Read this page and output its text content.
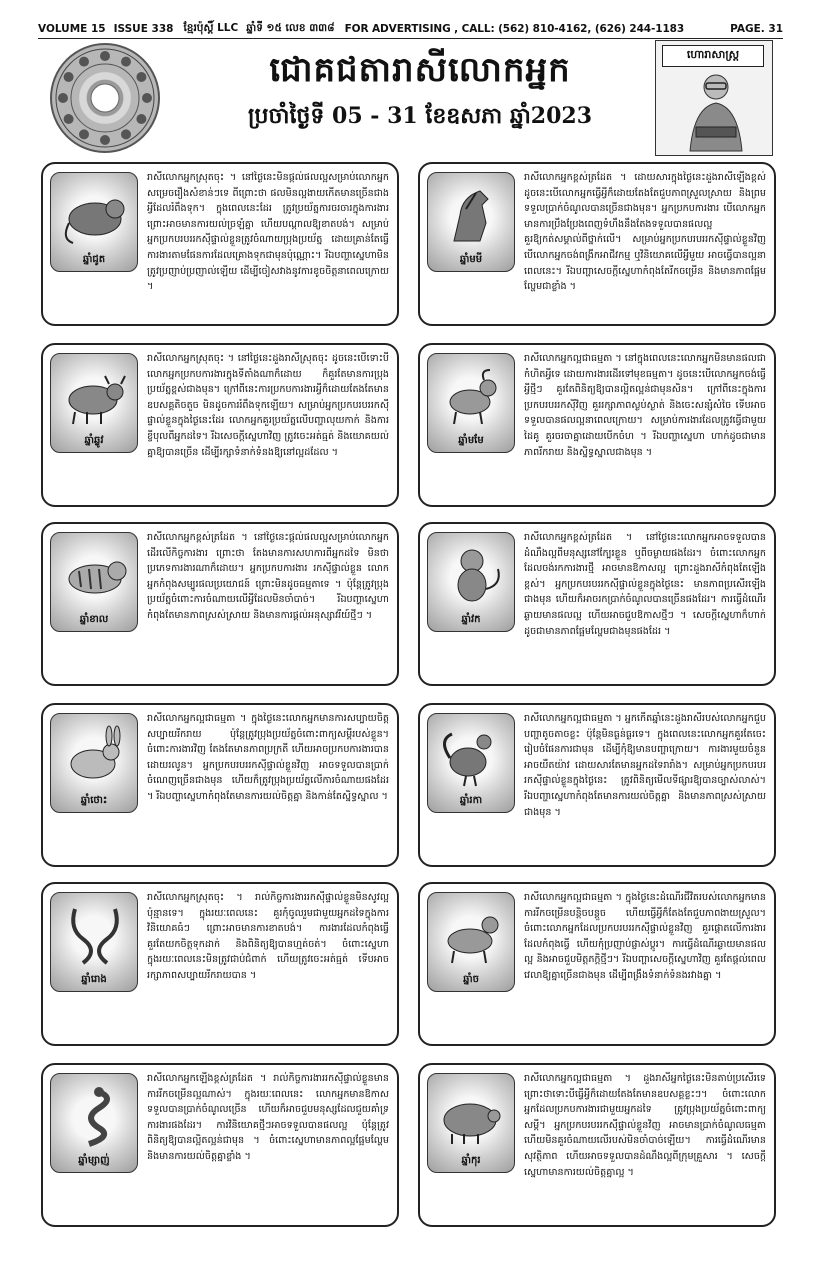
VOLUME 15 ISSUE 338 ខ្មែរប៉ុស្តិ៍ LLC ឆ្នាំទី ១៥ លេខ ៣៣៨ FOR ADVERTISING , CALL: (562) 810-4162, (626) 244-1183	PAGE. 31
ជោគជតារាសីលោកអ្នក
ប្រចាំថ្ងៃទី 05 - 31 ខែឧសភា ឆ្នាំ2023
ហោរាសាស្ត្រ
ឆ្នាំជូត
រាសីលោកអ្នកស្រុតចុះ ។ នៅថ្ងៃនេះមិនផ្តល់ផលល្អសម្រាប់លោកអ្នកសម្រេចរឿងសំខាន់ៗទេ ពីព្រោះថា ផលមិនល្អងាយកើតមានច្រើនជាងអ្វីដែលរំពឹងទុក។ ក្នុងពេលនេះដែរ ត្រូវប្រយ័ត្នការចរចារក្នុងការងារ ព្រោះអាចមានការយល់ច្រឡំគ្នា ហើយបណ្តាលឱ្យខាតបង់។ សម្រាប់អ្នកប្រកបរបររកស៊ីផ្ទាល់ខ្លួនត្រូវចំណាយប្រុងប្រយ័ត្ន ដោយគ្រាន់តែធ្វើការងារតាមផែនការដែលគ្រោងទុកជាមុនប៉ុណ្ណោះ។ រីឯបញ្ហាស្នេហាមិនត្រូវប្រញាប់ប្រញាល់ឡើយ ដើម្បីចៀសវាងនូវការខូចចិត្តនាពេលក្រោយ ។
ឆ្នាំមមី
រាសីលោកអ្នកខ្ពស់ត្រដែត ។ ដោយសារក្នុងថ្ងៃនេះដួងរាសីឡើងខ្ពស់ ដូចនេះបើលោកអ្នកធ្វើអ្វីក៏ដោយតែងតែជួបភាពស្រួលស្រាយ និងព្រមទទួលប្រាក់ចំណូលបានច្រើនជាងមុន។ អ្នកប្រកបការងារ បើលោកអ្នកមានការប្រឹងប្រែងពេញទំហឹងនឹងតែងទទួលបានផលល្អគួរឱ្យកត់សម្គាល់ពីថ្នាក់លើ។ សម្រាប់អ្នកប្រកបរបររកស៊ីផ្ទាល់ខ្លួនវិញ បើលោកអ្នកចង់ពង្រីកអាជីវកម្ម ឬវិនិយោគលើអ្វីមួយ អាចធ្វើបានល្អនាពេលនេះ។ រីឯបញ្ហាសេចក្តីស្នេហាកំពុងតែរីកចម្រើន និងមានភាពផ្អែមល្ហែមជាខ្លាំង ។
ឆ្នាំឆ្លូវ
រាសីលោកអ្នកស្រុតចុះ ។ នៅថ្ងៃនេះដួងរាសីស្រុតចុះ ដូចនេះបើទោះបីលោកអ្នកប្រកបការងារក្នុងទីតាំងណាក៏ដោយ ក៏គួរតែមានការប្រុងប្រយ័ត្នខ្ពស់ជាងមុន។ ក្រៅពីនេះការប្រកបការងារអ្វីក៏ដោយតែងតែមានឧបសគ្គតិចតួច មិនដូចការរំពឹងទុកឡើយ។ សម្រាប់អ្នកប្រកបរបររកស៊ីផ្ទាល់ខ្លួនក្នុងថ្ងៃនេះដែរ លោកអ្នកគួរប្រយ័ត្នលើបញ្ហាលុយកាក់ និងការខ្ចីបុលពីអ្នកដទៃ។ រីឯសេចក្តីស្នេហាវិញ ត្រូវចេះអត់ធ្មត់ និងយោគយល់គ្នាឱ្យបានច្រើន ដើម្បីរក្សាទំនាក់ទំនងឱ្យនៅល្អដដែល ។
ឆ្នាំមមែ
រាសីលោកអ្នកល្អជាធម្មតា ។ នៅក្នុងពេលនេះលោកអ្នកមិនមានផលជាកំហិតអ្វីទេ ដោយការងារដើរទៅមុខធម្មតា។ ដូចនេះបើលោកអ្នកចង់ធ្វើអ្វីថ្មីៗ គួរតែពិនិត្យឱ្យបានល្អិតល្អន់ជាមុនសិន។ ក្រៅពីនេះក្នុងការប្រកបរបររកស៊ីវិញ គួររក្សាភាពស្ងប់ស្ងាត់ និងចេះសន្សំសំចៃ ទើបអាចទទួលបានផលល្អនាពេលក្រោយ។ សម្រាប់ការងារដែលត្រូវធ្វើជាមួយដៃគូ គួរចរចាគ្នាដោយបើកចំហ ។ រីឯបញ្ហាស្នេហា ហាក់ដូចជាមានភាពរីករាយ និងស្និទ្ធស្នាលជាងមុន ។
ឆ្នាំខាល
រាសីលោកអ្នកខ្ពស់ត្រដែត ។ នៅថ្ងៃនេះផ្តល់ផលល្អសម្រាប់លោកអ្នកដើរលើកិច្ចការងារ ព្រោះថា តែងមានការសហការពីអ្នកដទៃ មិនថាប្រភេទការងារណាក៏ដោយ។ អ្នកប្រកបការងារ រកស៊ីផ្ទាល់ខ្លួន លោកអ្នកកំពុងសម្បូរផលប្រយោជន៍ ព្រោះមិនដូចធម្មតាទេ ។ ប៉ុន្តែត្រូវប្រុងប្រយ័ត្នចំពោះការចំណាយលើអ្វីដែលមិនចាំបាច់។ រីឯបញ្ហាស្នេហាកំពុងតែមានភាពស្រស់ស្រាយ និងមានការផ្គល់អនុស្សាវរីយ៍ថ្មីៗ ។	ឆ្នាំវក
រាសីលោកអ្នកខ្ពស់ត្រដែត ។ នៅថ្ងៃនេះលោកអ្នកអាចទទួលបានដំណឹងល្អពីមនុស្សនៅក្បែរខ្លួន ឬពីចម្ងាយផងដែរ។ ចំពោះលោកអ្នកដែលចង់រកការងារថ្មី អាចមានឱកាសល្អ ព្រោះដួងរាសីកំពុងតែឡើងខ្ពស់។ អ្នកប្រកបរបររកស៊ីផ្ទាល់ខ្លួនក្នុងថ្ងៃនេះ មានភាពប្រសើរឡើងជាងមុន ហើយក៏អាចរកប្រាក់ចំណូលបានច្រើនផងដែរ។ ការធ្វើដំណើរឆ្ងាយមានផលល្អ ហើយអាចជួបឱកាសថ្មីៗ ។ សេចក្តីស្នេហាក៏ហាក់ដូចជាមានភាពផ្អែមល្ហែមជាងមុនផងដែរ ។
ឆ្នាំថោះ
រាសីលោកអ្នកល្អជាធម្មតា ។ ក្នុងថ្ងៃនេះលោកអ្នកមានការសប្បាយចិត្ត សប្បាយរីករាយ ប៉ុន្តែត្រូវប្រុងប្រយ័ត្នចំពោះពាក្យសម្ដីរបស់ខ្លួន។ ចំពោះការងារវិញ តែងតែមានភាពប្រក្រតី ហើយអាចប្រកបការងារបានដោយរលូន។ អ្នកប្រកបរបររកស៊ីផ្ទាល់ខ្លួនវិញ អាចទទួលបានប្រាក់ចំណេញច្រើនជាងមុន ហើយក៏ត្រូវប្រុងប្រយ័ត្នលើការចំណាយផងដែរ ។ រីឯបញ្ហាស្នេហាកំពុងតែមានការយល់ចិត្តគ្នា និងកាន់តែស្និទ្ធស្នាល ។	ឆ្នាំរកា
រាសីលោកអ្នកល្អជាធម្មតា ។ អ្នកកើតឆ្នាំនេះដួងរាសីរបស់លោកអ្នកជួបបញ្ហាតូចតាចខ្លះ ប៉ុន្តែមិនធ្ងន់ធ្ងរទេ។ ក្នុងពេលនេះលោកអ្នកគួរតែចេះរៀបចំផែនការជាមុន ដើម្បីកុំឱ្យមានបញ្ហាក្រោយ។ ការងារមួយចំនួនអាចយឺតយ៉ាវ ដោយសារតែមានអ្នកដទៃរារាំង។ សម្រាប់អ្នកប្រកបរបររកស៊ីផ្ទាល់ខ្លួនក្នុងថ្ងៃនេះ ត្រូវពិនិត្យមើលទីផ្សារឱ្យបានច្បាស់លាស់។ រីឯបញ្ហាស្នេហាកំពុងតែមានការយល់ចិត្តគ្នា និងមានភាពស្រស់ស្រាយជាងមុន ។
ឆ្នាំរោង
រាសីលោកអ្នកស្រុតចុះ ។ រាល់កិច្ចការងាររកស៊ីផ្ទាល់ខ្លួនមិនសូវល្អប៉ុន្មានទេ។ ក្នុងរយៈពេលនេះ គួរកុំចូលរួមជាមួយអ្នកដទៃក្នុងការវិនិយោគធំៗ ព្រោះអាចមានការខាតបង់។ ការងារដែលកំពុងធ្វើគួរតែយកចិត្តទុកដាក់ និងពិនិត្យឱ្យបានហ្មត់ចត់។ ចំពោះស្នេហាក្នុងរយៈពេលនេះមិនត្រូវជាប់ជំពាក់ ហើយត្រូវចេះអត់ធ្មត់ ទើបអាចរក្សាភាពសប្បាយរីករាយបាន ។	ឆ្នាំច
រាសីលោកអ្នកល្អជាធម្មតា ។ ក្នុងថ្ងៃនេះដំណើរជីវិតរបស់លោកអ្នកមានការរីកចម្រើនបន្តិចបន្តួច ហើយធ្វើអ្វីក៏តែងតែជួបភាពងាយស្រួល។ ចំពោះលោកអ្នកដែលប្រកបរបររកស៊ីផ្ទាល់ខ្លួនវិញ គួរផ្តោតលើការងារដែលកំពុងធ្វើ ហើយកុំប្រញាប់ផ្លាស់ប្តូរ។ ការធ្វើដំណើរឆ្ងាយមានផលល្អ និងអាចជួបមិត្តភក្តិថ្មីៗ។ រីឯបញ្ហាសេចក្តីស្នេហាវិញ គួរតែផ្តល់ពេលវេលាឱ្យគ្នាច្រើនជាងមុន ដើម្បីពង្រឹងទំនាក់ទំនងរវាងគ្នា ។
ឆ្នាំម្សាញ់
រាសីលោកអ្នកឡើងខ្ពស់ត្រដែត ។ រាល់កិច្ចការងាររកស៊ីផ្ទាល់ខ្លួនមានការរីកចម្រើនល្អណាស់។ ក្នុងរយៈពេលនេះ លោកអ្នកមានឱកាសទទួលបានប្រាក់ចំណូលច្រើន ហើយក៏អាចជួបមនុស្សដែលជួយគាំទ្រការងារផងដែរ។ ការវិនិយោគថ្មីៗអាចទទួលបានផលល្អ ប៉ុន្តែត្រូវពិនិត្យឱ្យបានល្អិតល្អន់ជាមុន ។ ចំពោះស្នេហាមានភាពល្អផ្អែមល្ហែម និងមានការយល់ចិត្តគ្នាខ្លាំង ។	ឆ្នាំកុរ
រាសីលោកអ្នកល្អជាធម្មតា ។ ដួងរាសីអ្នកថ្ងៃនេះមិនតាប់ប្រសើរទេ ព្រោះថាទោះបីធ្វើអ្វីក៏ដោយតែងតែមានឧបសគ្គខ្លះៗ។ ចំពោះលោកអ្នកដែលប្រកបការងារជាមួយអ្នកដទៃ ត្រូវប្រុងប្រយ័ត្នចំពោះពាក្យសម្ដី។ អ្នកប្រកបរបររកស៊ីផ្ទាល់ខ្លួនវិញ អាចមានប្រាក់ចំណូលធម្មតា ហើយមិនគួរចំណាយលើរបស់មិនចាំបាច់ឡើយ។ ការធ្វើដំណើរមានសុវត្ថិភាព ហើយអាចទទួលបានដំណឹងល្អពីក្រុមគ្រួសារ ។ សេចក្តីស្នេហាមានការយល់ចិត្តគ្នាល្អ ។
